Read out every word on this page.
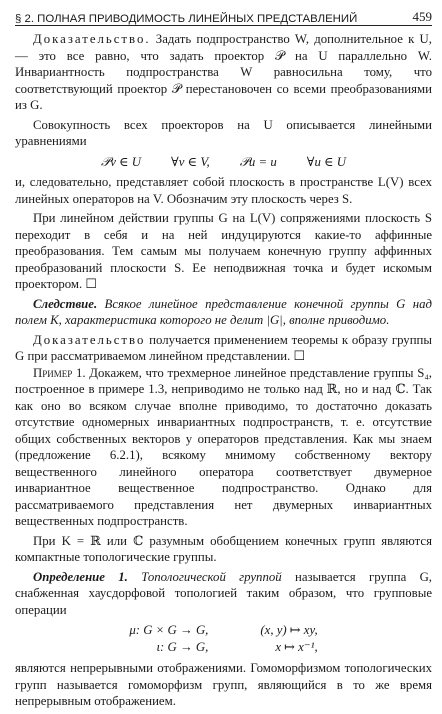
§ 2. ПОЛНАЯ ПРИВОДИМОСТЬ ЛИНЕЙНЫХ ПРЕДСТАВЛЕНИЙ	459

Доказательство. Задать подпространство W, дополнительное к U, — это все равно, что задать проектор 𝒫 на U параллельно W. Инвариантность подпространства W равносильна тому, что соответствующий проектор 𝒫 перестановочен со всеми преобразованиями из G.

Совокупность всех проекторов на U описывается линейными уравнениями

𝒫v ∈ U ∀v ∈ V, 𝒫u = u ∀u ∈ U

и, следовательно, представляет собой плоскость в пространстве L(V) всех линейных операторов на V. Обозначим эту плоскость через S.

При линейном действии группы G на L(V) сопряжениями плоскость S переходит в себя и на ней индуцируются какие-то аффинные преобразования. Тем самым мы получаем конечную группу аффинных преобразований плоскости S. Ее неподвижная точка и будет искомым проектором. ☐

Следствие. Всякое линейное представление конечной группы G над полем K, характеристика которого не делит |G|, вполне приводимо.

Доказательство получается применением теоремы к образу группы G при рассматриваемом линейном представлении. ☐

Пример 1. Докажем, что трехмерное линейное представление группы S₄, построенное в примере 1.3, неприводимо не только над ℝ, но и над ℂ. Так как оно во всяком случае вполне приводимо, то достаточно доказать отсутствие одномерных инвариантных подпространств, т. е. отсутствие общих собственных векторов у операторов представления. Как мы знаем (предложение 6.2.1), всякому мнимому собственному вектору вещественного линейного оператора соответствует двумерное инвариантное вещественное подпространство. Однако для рассматриваемого представления нет двумерных инвариантных вещественных подпространств.

При K = ℝ или ℂ разумным обобщением конечных групп являются компактные топологические группы.

Определение 1. Топологической группой называется группа G, снабженная хаусдорфовой топологией таким образом, что групповые операции

μ: G × G → G,		(x, y) ↦ xy,
ι: G → G,		x ↦ x⁻¹,

являются непрерывными отображениями. Гомоморфизмом топологических групп называется гомоморфизм групп, являющийся в то же время непрерывным отображением.
